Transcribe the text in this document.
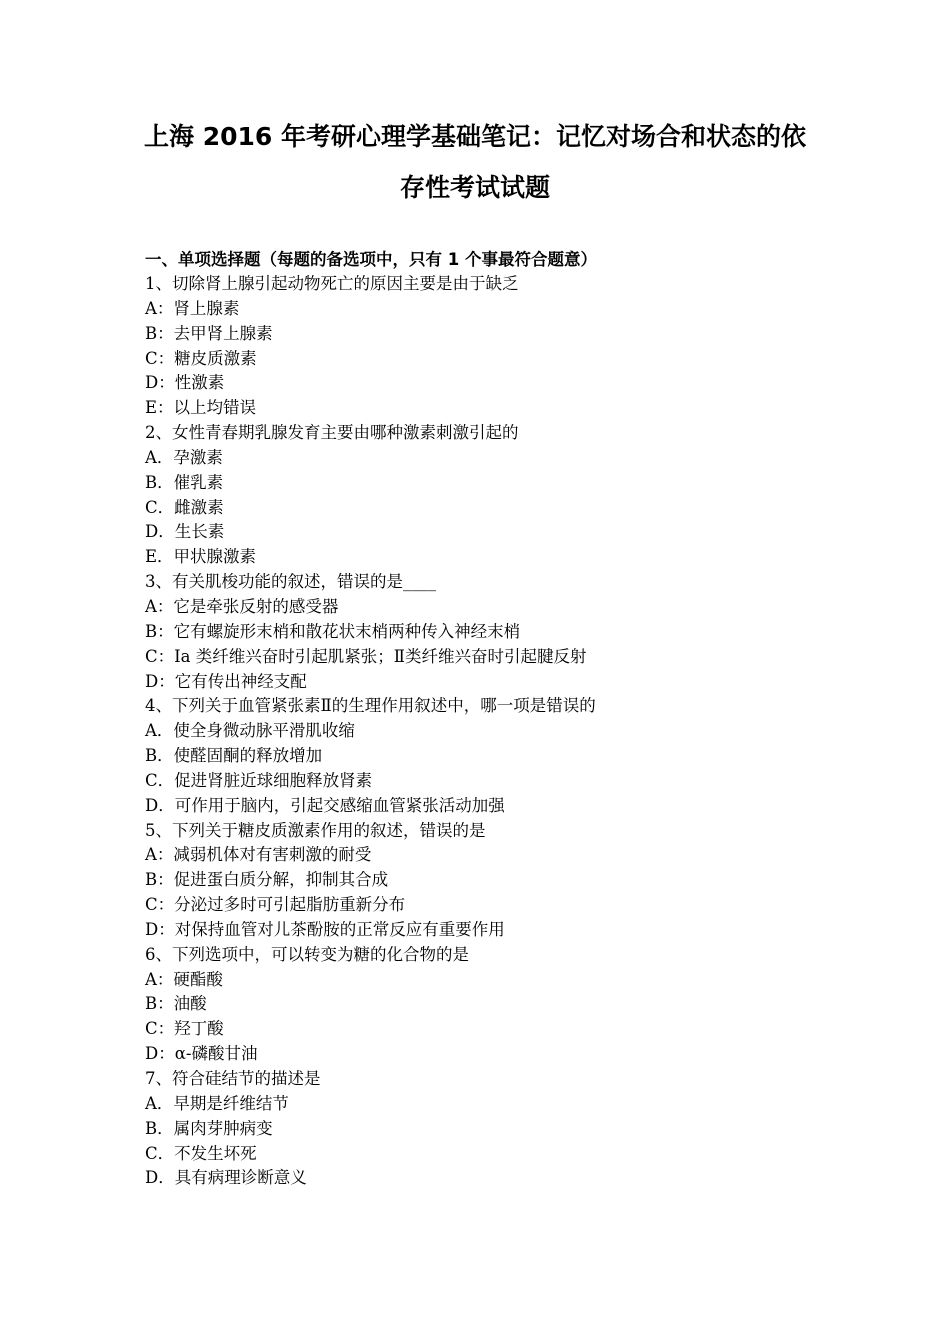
上海 2016 年考研心理学基础笔记：记忆对场合和状态的依
存性考试试题
一、单项选择题（每题的备选项中，只有 1 个事最符合题意）
1、切除肾上腺引起动物死亡的原因主要是由于缺乏
A：肾上腺素
B：去甲肾上腺素
C：糖皮质激素
D：性激素
E：以上均错误
2、女性青春期乳腺发育主要由哪种激素刺激引起的
A．孕激素
B．催乳素
C．雌激素
D．生长素
E．甲状腺激素
3、有关肌梭功能的叙述，错误的是____
A：它是牵张反射的感受器
B：它有螺旋形末梢和散花状末梢两种传入神经末梢
C：Ⅰa 类纤维兴奋时引起肌紧张；Ⅱ类纤维兴奋时引起腱反射
D：它有传出神经支配
4、下列关于血管紧张素Ⅱ的生理作用叙述中，哪一项是错误的
A．使全身微动脉平滑肌收缩
B．使醛固酮的释放增加
C．促进肾脏近球细胞释放肾素
D．可作用于脑内，引起交感缩血管紧张活动加强
5、下列关于糖皮质激素作用的叙述，错误的是
A：减弱机体对有害刺激的耐受
B：促进蛋白质分解，抑制其合成
C：分泌过多时可引起脂肪重新分布
D：对保持血管对儿茶酚胺的正常反应有重要作用
6、下列选项中，可以转变为糖的化合物的是
A：硬酯酸
B：油酸
C：羟丁酸
D：α-磷酸甘油
7、符合硅结节的描述是
A．早期是纤维结节
B．属肉芽肿病变
C．不发生坏死
D．具有病理诊断意义
